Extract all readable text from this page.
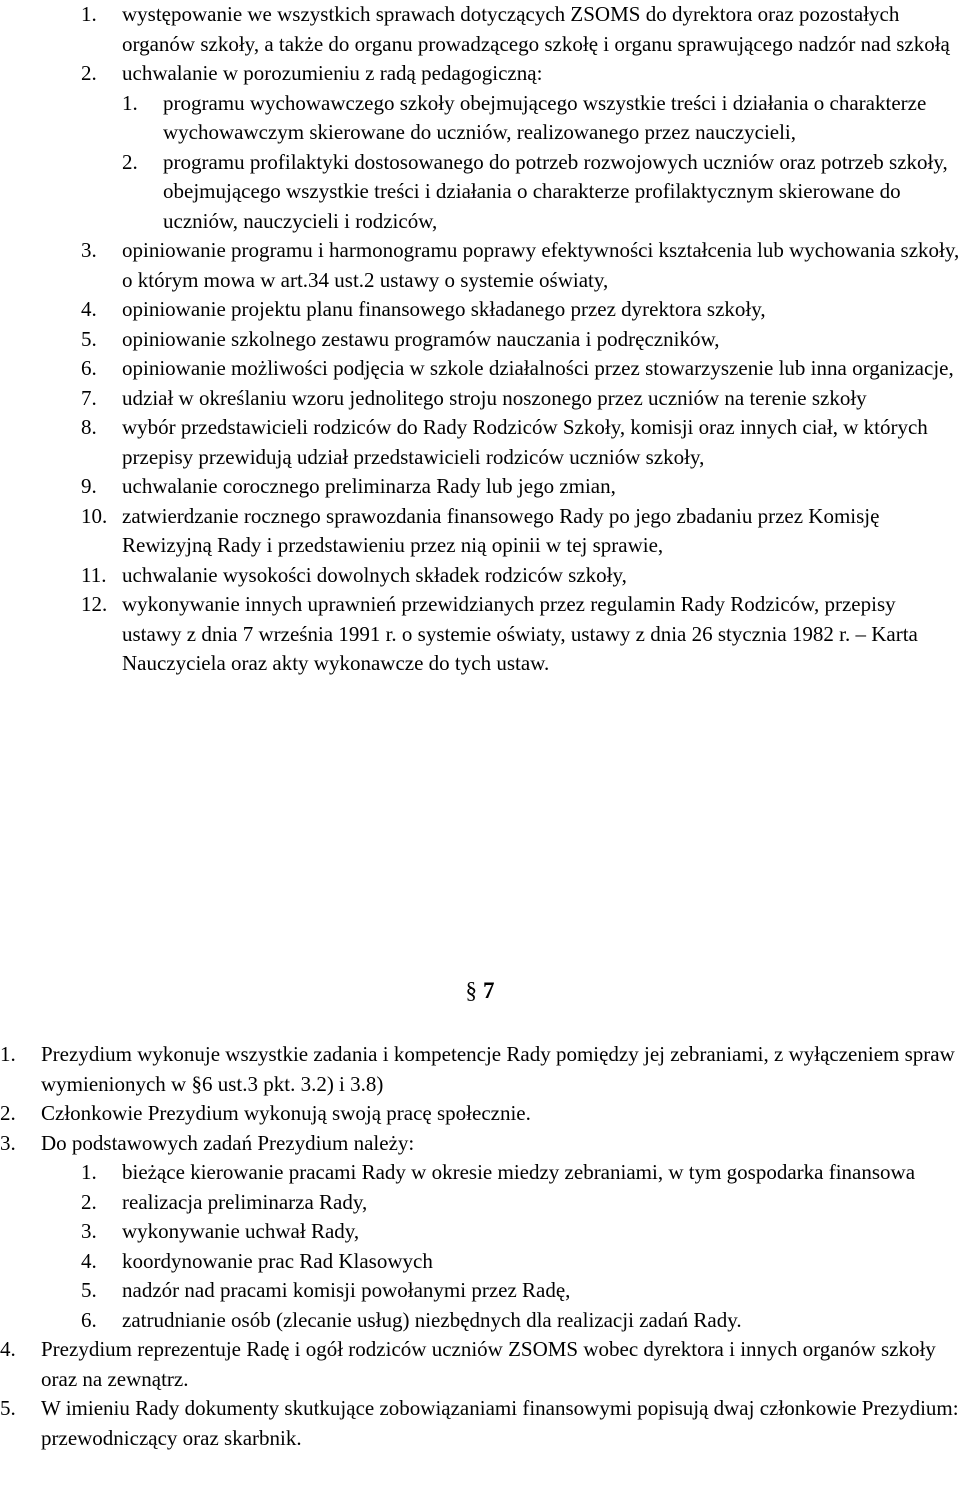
1. występowanie we wszystkich sprawach dotyczących ZSOMS do dyrektora oraz pozostałych organów szkoły, a także do organu prowadzącego szkołę i organu sprawującego nadzór nad szkołą
2. uchwalanie w porozumieniu z radą pedagogiczną:
1. programu wychowawczego szkoły obejmującego wszystkie treści i działania o charakterze wychowawczym skierowane do uczniów, realizowanego przez nauczycieli,
2. programu profilaktyki dostosowanego do potrzeb rozwojowych uczniów oraz potrzeb szkoły, obejmującego wszystkie treści i działania o charakterze profilaktycznym skierowane do uczniów, nauczycieli i rodziców,
3. opiniowanie programu i harmonogramu poprawy efektywności kształcenia lub wychowania szkoły, o którym mowa w art.34 ust.2 ustawy o systemie oświaty,
4. opiniowanie projektu planu finansowego składanego przez dyrektora szkoły,
5. opiniowanie szkolnego zestawu programów nauczania i podręczników,
6. opiniowanie możliwości podjęcia w szkole działalności przez stowarzyszenie lub inna organizacje,
7. udział w określaniu wzoru jednolitego stroju noszonego przez uczniów na terenie szkoły
8. wybór przedstawicieli rodziców do Rady Rodziców Szkoły, komisji oraz innych ciał, w których przepisy przewidują udział przedstawicieli rodziców uczniów szkoły,
9. uchwalanie corocznego preliminarza Rady lub jego zmian,
10. zatwierdzanie rocznego sprawozdania finansowego Rady po jego zbadaniu przez Komisję Rewizyjną Rady i przedstawieniu przez nią opinii w tej sprawie,
11. uchwalanie wysokości dowolnych składek rodziców szkoły,
12. wykonywanie innych uprawnień przewidzianych przez regulamin Rady Rodziców, przepisy ustawy z dnia 7 września 1991 r. o systemie oświaty, ustawy z dnia 26 stycznia 1982 r. – Karta Nauczyciela oraz akty wykonawcze do tych ustaw.
§ 7
1. Prezydium wykonuje wszystkie zadania i kompetencje Rady pomiędzy jej zebraniami, z wyłączeniem spraw wymienionych w §6 ust.3 pkt. 3.2) i 3.8)
2. Członkowie Prezydium wykonują swoją pracę społecznie.
3. Do podstawowych zadań Prezydium należy:
1. bieżące kierowanie pracami Rady w okresie miedzy zebraniami, w tym gospodarka finansowa
2. realizacja preliminarza Rady,
3. wykonywanie uchwał Rady,
4. koordynowanie prac Rad Klasowych
5. nadzór nad pracami komisji powołanymi przez Radę,
6. zatrudnianie osób (zlecanie usług) niezbędnych dla realizacji zadań Rady.
4. Prezydium reprezentuje Radę i ogół rodziców uczniów ZSOMS wobec dyrektora i innych organów szkoły oraz na zewnątrz.
5. W imieniu Rady dokumenty skutkujące zobowiązaniami finansowymi popisują dwaj członkowie Prezydium: przewodniczący oraz skarbnik.
